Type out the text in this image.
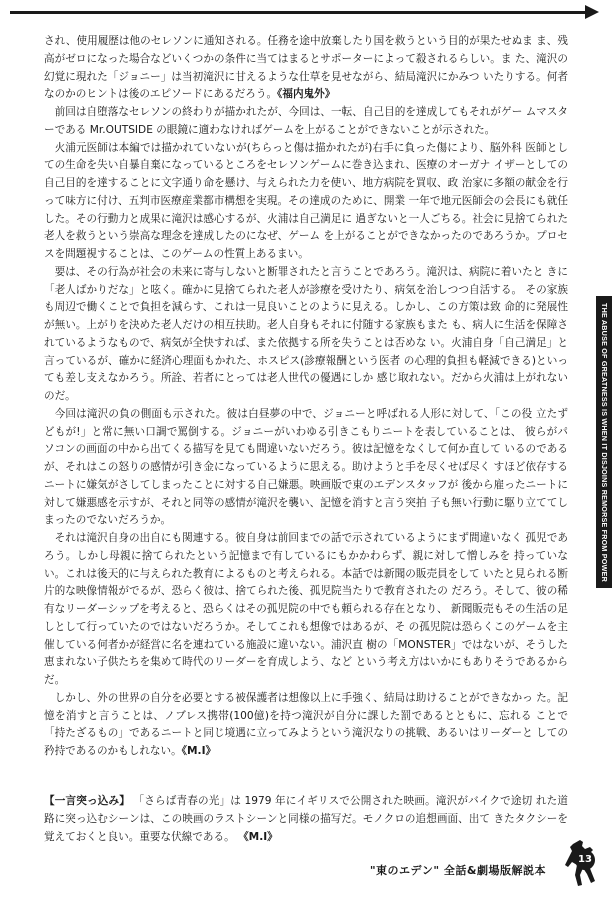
され、使用履歴は他のセレソンに通知される。任務を途中放棄したり国を救うという目的が果たせぬま ま、残高がゼロになった場合などいくつかの条件に当てはまるとサポーターによって殺されるらしい。ま た、滝沢の幻覚に現れた「ジョニー」は当初滝沢に甘えるような仕草を見せながら、結局滝沢にかみつ いたりする。何者なのかのヒントは後のエピソードにあるだろう。《福内鬼外》

前回は自堕落なセレソンの終わりが描かれたが、今回は、一転、自己目的を達成してもそれがゲー ムマスターである Mr.OUTSIDE の眼鏡に適わなければゲームを上がることができないことが示された。

火浦元医師は本編では描かれていないが(ちらっと傷は描かれたが)右手に負った傷により、脳外科 医師としての生命を失い自暴自棄になっているところをセレソンゲームに巻き込まれ、医療のオーガナ イザーとしての自己目的を達することに文字通り命を懸け、与えられた力を使い、地方病院を買収、政 治家に多額の献金を行って味方に付け、五判市医療産業都市構想を実現。その達成のために、開業 一年で地元医師会の会長にも就任した。その行動力と成果に滝沢は感心するが、火浦は自己満足に 過ぎないと一人ごちる。社会に見捨てられた老人を救うという崇高な理念を達成したのになぜ、ゲーム を上がることができなかったのであろうか。プロセスを問題視することは、このゲームの性質上あるまい。

要は、その行為が社会の未来に寄与しないと断罪されたと言うことであろう。滝沢は、病院に着いたと きに「老人ばかりだな」と呟く。確かに見捨てられた老人が診療を受けたり、病気を治しつつ自活する。 その家族も周辺で働くことで負担を減らす、これは一見良いことのように見える。しかし、この方策は致 命的に発展性が無い。上がりを決めた老人だけの相互扶助。老人自身もそれに付随する家族もまた も、病人に生活を保障されているようなもので、病気が全快すれば、また依拠する所を失うことは否めな い。火浦自身「自己満足」と言っているが、確かに経済心理面もかれた、ホスピス(診療報酬という医者 の心理的負担も軽減できる)といっても差し支えなかろう。所詮、若者にとっては老人世代の優遇にしか 感じ取れない。だから火浦は上がれないのだ。

今回は滝沢の負の側面も示された。彼は白昼夢の中で、ジョニーと呼ばれる人形に対して、「この役 立たずどもが!」と常に無い口調で罵倒する。ジョニーがいわゆる引きこもりニートを表していることは、 彼らがパソコンの画面の中から出てくる描写を見ても間違いないだろう。彼は記憶をなくして何か直して いるのであるが、それはこの怒りの感情が引き金になっているように思える。助けようと手を尽くせば尽く すほど依存するニートに嫌気がさしてしまったことに対する自己嫌悪。映画版で東のエデンスタッフが 後から雇ったニートに対して嫌悪感を示すが、それと同等の感情が滝沢を襲い、記憶を消すと言う突拍 子も無い行動に駆り立ててしまったのでないだろうか。

それは滝沢自身の出自にも関連する。彼自身は前回までの話で示されているようにまず間違いなく 孤児であろう。しかし母親に捨てられたという記憶まで有しているにもかかわらず、親に対して憎しみを 持っていない。これは後天的に与えられた教育によるものと考えられる。本話では新聞の販売員をして いたと見られる断片的な映像情報がでるが、恐らく彼は、捨てられた後、孤児院当たりで教育されたの だろう。そして、彼の稀有なリーダーシップを考えると、恐らくはその孤児院の中でも頼られる存在となり、 新聞販売もその生活の足しとして行っていたのではないだろうか。そしてこれも想像ではあるが、そ の孤児院は恐らくこのゲームを主催している何者かが経営に名を連ねている施設に違いない。浦沢直 樹の「MONSTER」ではないが、そうした恵まれない子供たちを集めて時代のリーダーを育成しよう、など という考え方はいかにもありそうであるからだ。

しかし、外の世界の自分を必要とする被保護者は想像以上に手強く、結局は助けることができなかっ た。記憶を消すと言うことは、ノブレス携帯(100億)を持つ滝沢が自分に課した罰であるとともに、忘れる ことで「持たざるもの」であるニートと同じ境遇に立ってみようという滝沢なりの挑戦、あるいはリーダーと しての矜持であるのかもしれない。《M.I》

【一言突っ込み】 「さらば青春の光」は 1979 年にイギリスで公開された映画。滝沢がバイクで途切 れた道路に突っ込むシーンは、この映画のラストシーンと同様の描写だ。モノクロの追想画面、出て きたタクシーを覚えておくと良い。重要な伏線である。 《M.I》
THE ABUSE OF GREATNESS IS WHEN IT DISJOINS REMORSE FROM POWER
"東のエデン" 全話&劇場版解説本
13
